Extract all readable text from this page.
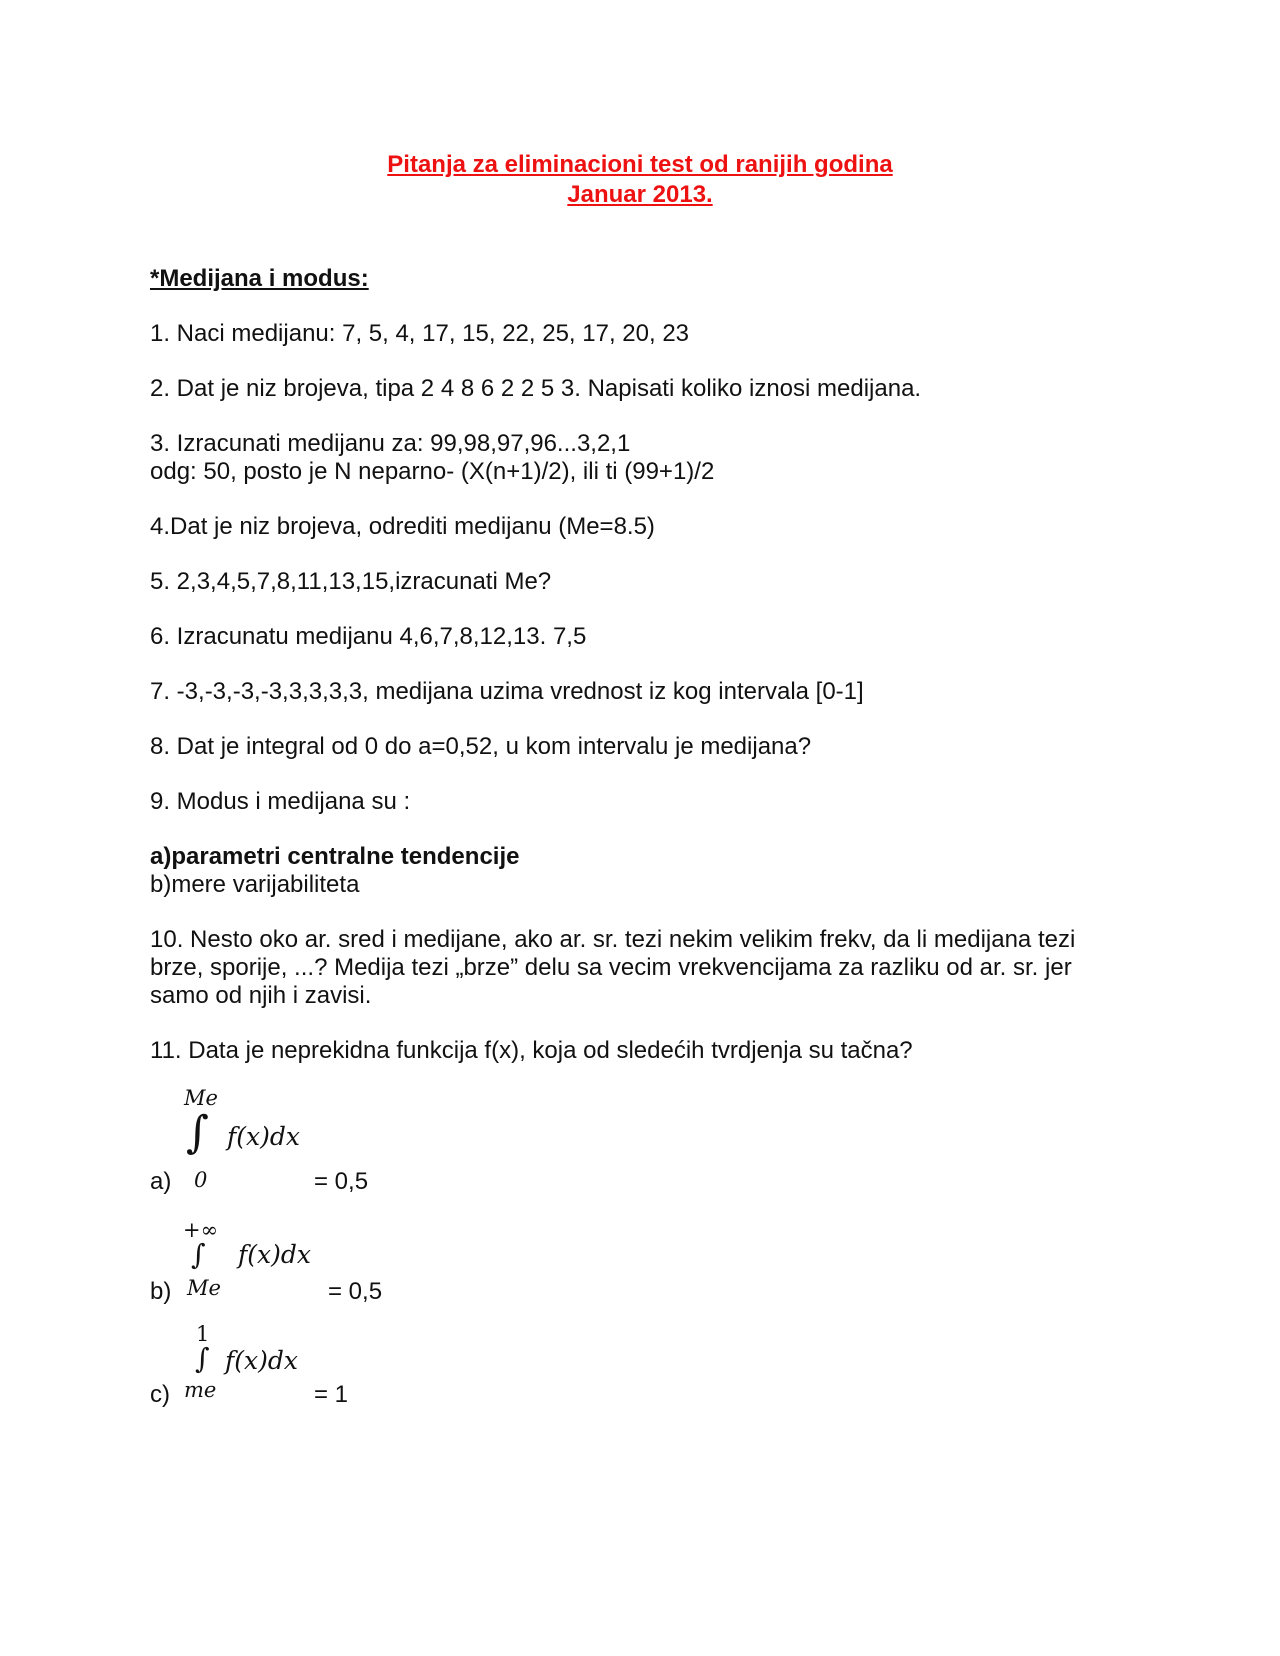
Pitanja za eliminacioni test od ranijih godina
Januar 2013.
*Medijana i modus:
1. Naci medijanu: 7, 5, 4, 17, 15, 22, 25, 17, 20, 23
2. Dat je niz brojeva, tipa 2 4 8 6 2 2 5 3. Napisati koliko iznosi medijana.
3. Izracunati medijanu za: 99,98,97,96...3,2,1
odg: 50, posto je N neparno- (X(n+1)/2), ili ti (99+1)/2
4.Dat je niz brojeva, odrediti medijanu (Me=8.5)
5. 2,3,4,5,7,8,11,13,15,izracunati Me?
6. Izracunatu medijanu 4,6,7,8,12,13. 7,5
7. -3,-3,-3,-3,3,3,3,3, medijana uzima vrednost iz kog intervala [0-1]
8. Dat je integral od 0 do a=0,52, u kom intervalu je medijana?
9. Modus i medijana su :
a)parametri centralne tendencije
b)mere varijabiliteta
10. Nesto oko ar. sred i medijane, ako ar. sr. tezi nekim velikim frekv, da li medijana tezi
brze, sporije, ...? Medija tezi „brze” delu sa vecim vrekvencijama za razliku od ar. sr. jer
samo od njih i zavisi.
11. Data je neprekidna funkcija f(x), koja od sledećih tvrdjenja su tačna?
Me
∫ f(x)dx
a) 0	= 0,5
+∞
∫ f(x)dx
b) Me	= 0,5
1
∫ f(x)dx
c) me	= 1
